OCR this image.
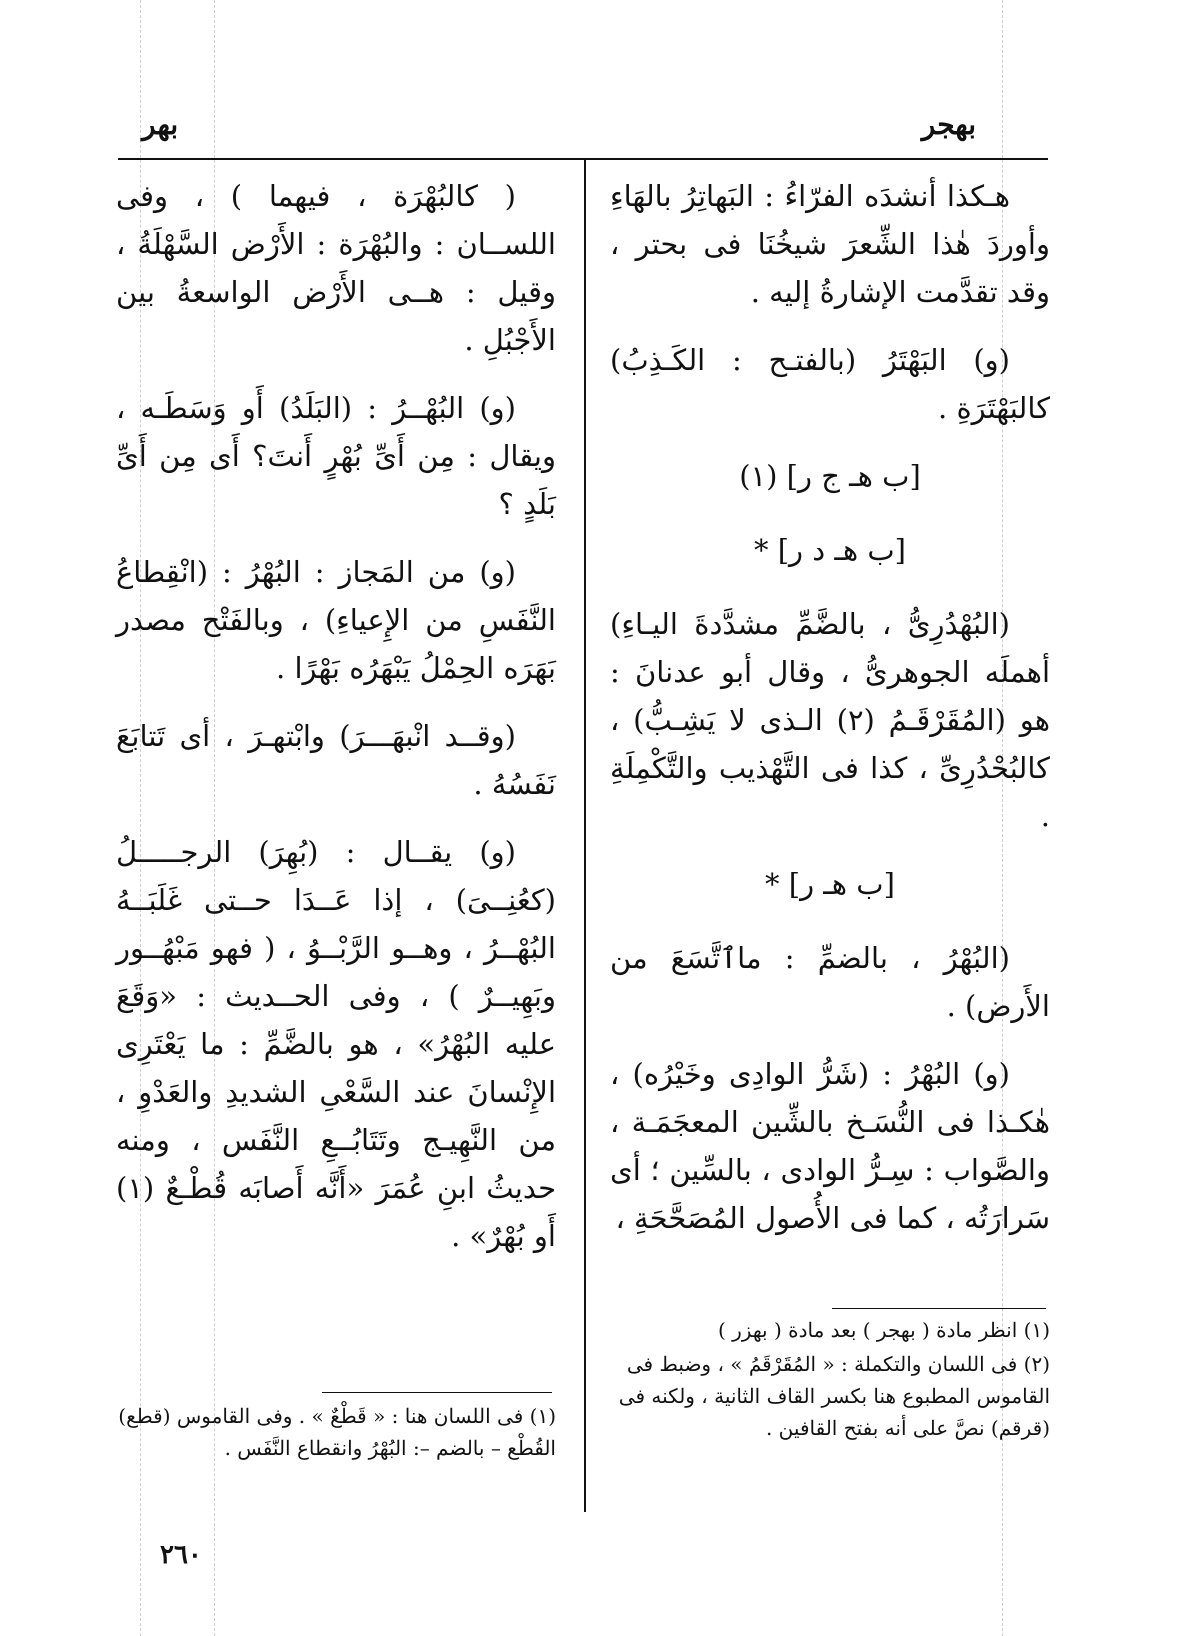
بهجر
بهر

هـكذا أنشدَه الفرّاءُ : البَهاتِرُ بالهَاءِ وأوردَ هٰذا الشِّعرَ شيخُنَا فى بحتر ، وقد تقدَّمت الإشارةُ إليه .

(و) البَهْتَرُ (بالفتـح : الكَـذِبُ) كالبَهْتَرَةِ .

[ب هـ ج ر] (١)
[ب هـ د ر] *

(البُهْدُرِىُّ ، بالضَّمِّ مشدَّدةَ اليـاءِ) أهملَه الجوهرىُّ ، وقال أبو عدنانَ : هو (المُقَرْقَـمُ (٢) الـذى لا يَشِـبُّ) ، كالبُحْدُرِىِّ ، كذا فى التَّهْذيب والتَّكْمِلَةِ .

[ب هـ ر] *

(البُهْرُ ، بالضمِّ : ماٱتَّسَعَ من الأَرض) .

(و) البُهْرُ : (شَرُّ الوادِى وخَيْرُه) ، هٰكـذا فى النُّسَـخ بالشِّين المعجَمَـة ، والصَّواب : سِـرُّ الوادى ، بالسِّين ؛ أى سَرارَتُه ، كما فى الأُصول المُصَحَّحَةِ ،

( كالبُهْرَة ، فيهما ) ، وفى اللســان : والبُهْرَة : الأَرْض السَّهْلَةُ ، وقيل : هــى الأَرْض الواسعةُ بين الأَجْبُلِ .

(و) البُهْــرُ : (البَلَدُ) أَو وَسَطَـه ، ويقال : مِن أَىِّ بُهْرٍ أَنتَ؟ أَى مِن أَىِّ بَلَدٍ ؟

(و) من المَجاز : البُهْرُ : (انْقِطاعُ النَّفَسِ من الإِعياءِ) ، وبالفَتْح مصدر بَهَرَه الحِمْلُ يَبْهَرُه بَهْرًا .

(وقــد انْبهَـــرَ) وابْتهـرَ ، أى تَتابَعَ نَفَسُهُ .

(و) يقــال : (بُهِرَ) الرجـــــلُ (كعُنِــىَ) ، إذا عَــدَا حــتى غَلَبَــهُ البُهْــرُ ، وهــو الرَّبْــوُ ، ( فهو مَبْهُــور وبَهِيــرٌ ) ، وفى الحــديث : «وَقَعَ عليه البُهْرُ» ، هو بالضَّمِّ : ما يَعْتَرِى الإِنْسانَ عند السَّعْىِ الشديدِ والعَدْوِ ، من النَّهِيـج وتَتَابُــعِ النَّفَس ، ومنه حديثُ ابنِ عُمَرَ «أَنَّه أَصابَه قُطْـعٌ (١) أَو بُهْرٌ» .

(١) انظر مادة ( بهجر ) بعد مادة ( بهزر )

(٢) فى اللسان والتكملة : « المُقَرْقَمُ » ، وضبط فى القاموس المطبوع هنا بكسر القاف الثانية ، ولكنه فى (قرقم) نصَّ على أنه بفتح القافين .

(١) فى اللسان هنا : « قَطْعٌ » . وفى القاموس (قطع) القُطْع – بالضم –: البُهْرُ وانقطاع النَّفَس .

٢٦٠
